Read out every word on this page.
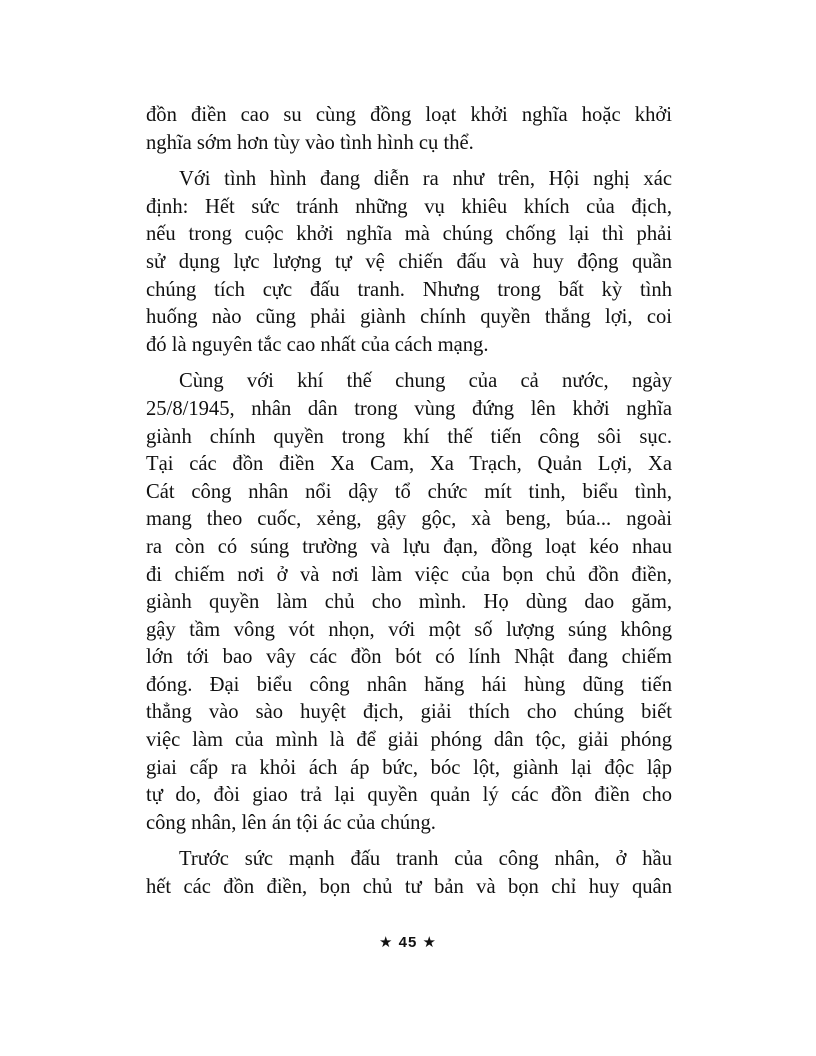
đồn điền cao su cùng đồng loạt khởi nghĩa hoặc khởi
nghĩa sớm hơn tùy vào tình hình cụ thể.

Với tình hình đang diễn ra như trên, Hội nghị xác
định: Hết sức tránh những vụ khiêu khích của địch,
nếu trong cuộc khởi nghĩa mà chúng chống lại thì phải
sử dụng lực lượng tự vệ chiến đấu và huy động quần
chúng tích cực đấu tranh. Nhưng trong bất kỳ tình
huống nào cũng phải giành chính quyền thắng lợi, coi
đó là nguyên tắc cao nhất của cách mạng.

Cùng với khí thế chung của cả nước, ngày
25/8/1945, nhân dân trong vùng đứng lên khởi nghĩa
giành chính quyền trong khí thế tiến công sôi sục.
Tại các đồn điền Xa Cam, Xa Trạch, Quản Lợi, Xa
Cát công nhân nổi dậy tổ chức mít tinh, biểu tình,
mang theo cuốc, xẻng, gậy gộc, xà beng, búa... ngoài
ra còn có súng trường và lựu đạn, đồng loạt kéo nhau
đi chiếm nơi ở và nơi làm việc của bọn chủ đồn điền,
giành quyền làm chủ cho mình. Họ dùng dao găm,
gậy tầm vông vót nhọn, với một số lượng súng không
lớn tới bao vây các đồn bót có lính Nhật đang chiếm
đóng. Đại biểu công nhân hăng hái hùng dũng tiến
thẳng vào sào huyệt địch, giải thích cho chúng biết
việc làm của mình là để giải phóng dân tộc, giải phóng
giai cấp ra khỏi ách áp bức, bóc lột, giành lại độc lập
tự do, đòi giao trả lại quyền quản lý các đồn điền cho
công nhân, lên án tội ác của chúng.

Trước sức mạnh đấu tranh của công nhân, ở hầu
hết các đồn điền, bọn chủ tư bản và bọn chỉ huy quân

★ 45 ★
